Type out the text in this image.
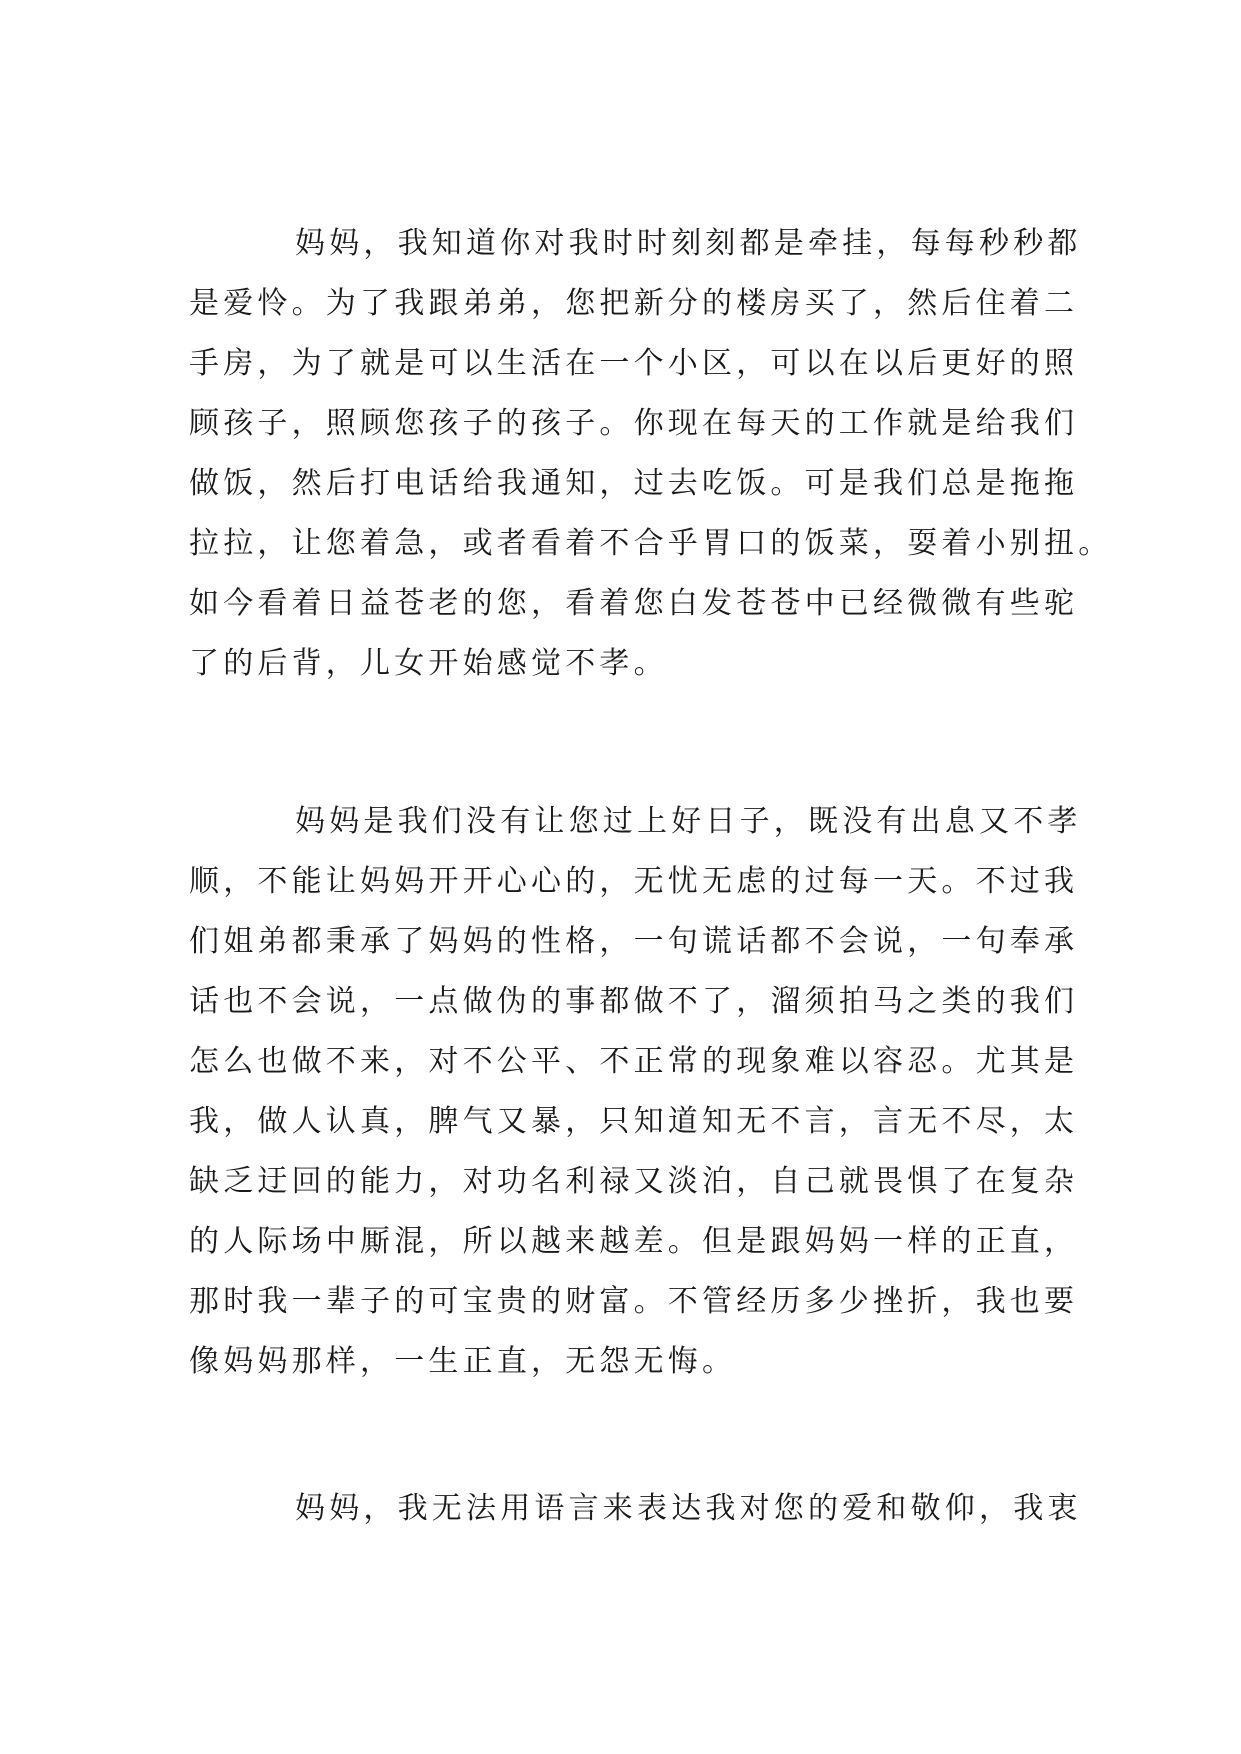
妈妈，我知道你对我时时刻刻都是牵挂，每每秒秒都
是爱怜。为了我跟弟弟，您把新分的楼房买了，然后住着二
手房，为了就是可以生活在一个小区，可以在以后更好的照
顾孩子，照顾您孩子的孩子。你现在每天的工作就是给我们
做饭，然后打电话给我通知，过去吃饭。可是我们总是拖拖
拉拉，让您着急，或者看着不合乎胃口的饭菜，耍着小别扭。
如今看着日益苍老的您，看着您白发苍苍中已经微微有些驼
了的后背，儿女开始感觉不孝。
妈妈是我们没有让您过上好日子，既没有出息又不孝
顺，不能让妈妈开开心心的，无忧无虑的过每一天。不过我
们姐弟都秉承了妈妈的性格，一句谎话都不会说，一句奉承
话也不会说，一点做伪的事都做不了，溜须拍马之类的我们
怎么也做不来，对不公平、不正常的现象难以容忍。尤其是
我，做人认真，脾气又暴，只知道知无不言，言无不尽，太
缺乏迂回的能力，对功名利禄又淡泊，自己就畏惧了在复杂
的人际场中厮混，所以越来越差。但是跟妈妈一样的正直，
那时我一辈子的可宝贵的财富。不管经历多少挫折，我也要
像妈妈那样，一生正直，无怨无悔。
妈妈，我无法用语言来表达我对您的爱和敬仰，我衷
